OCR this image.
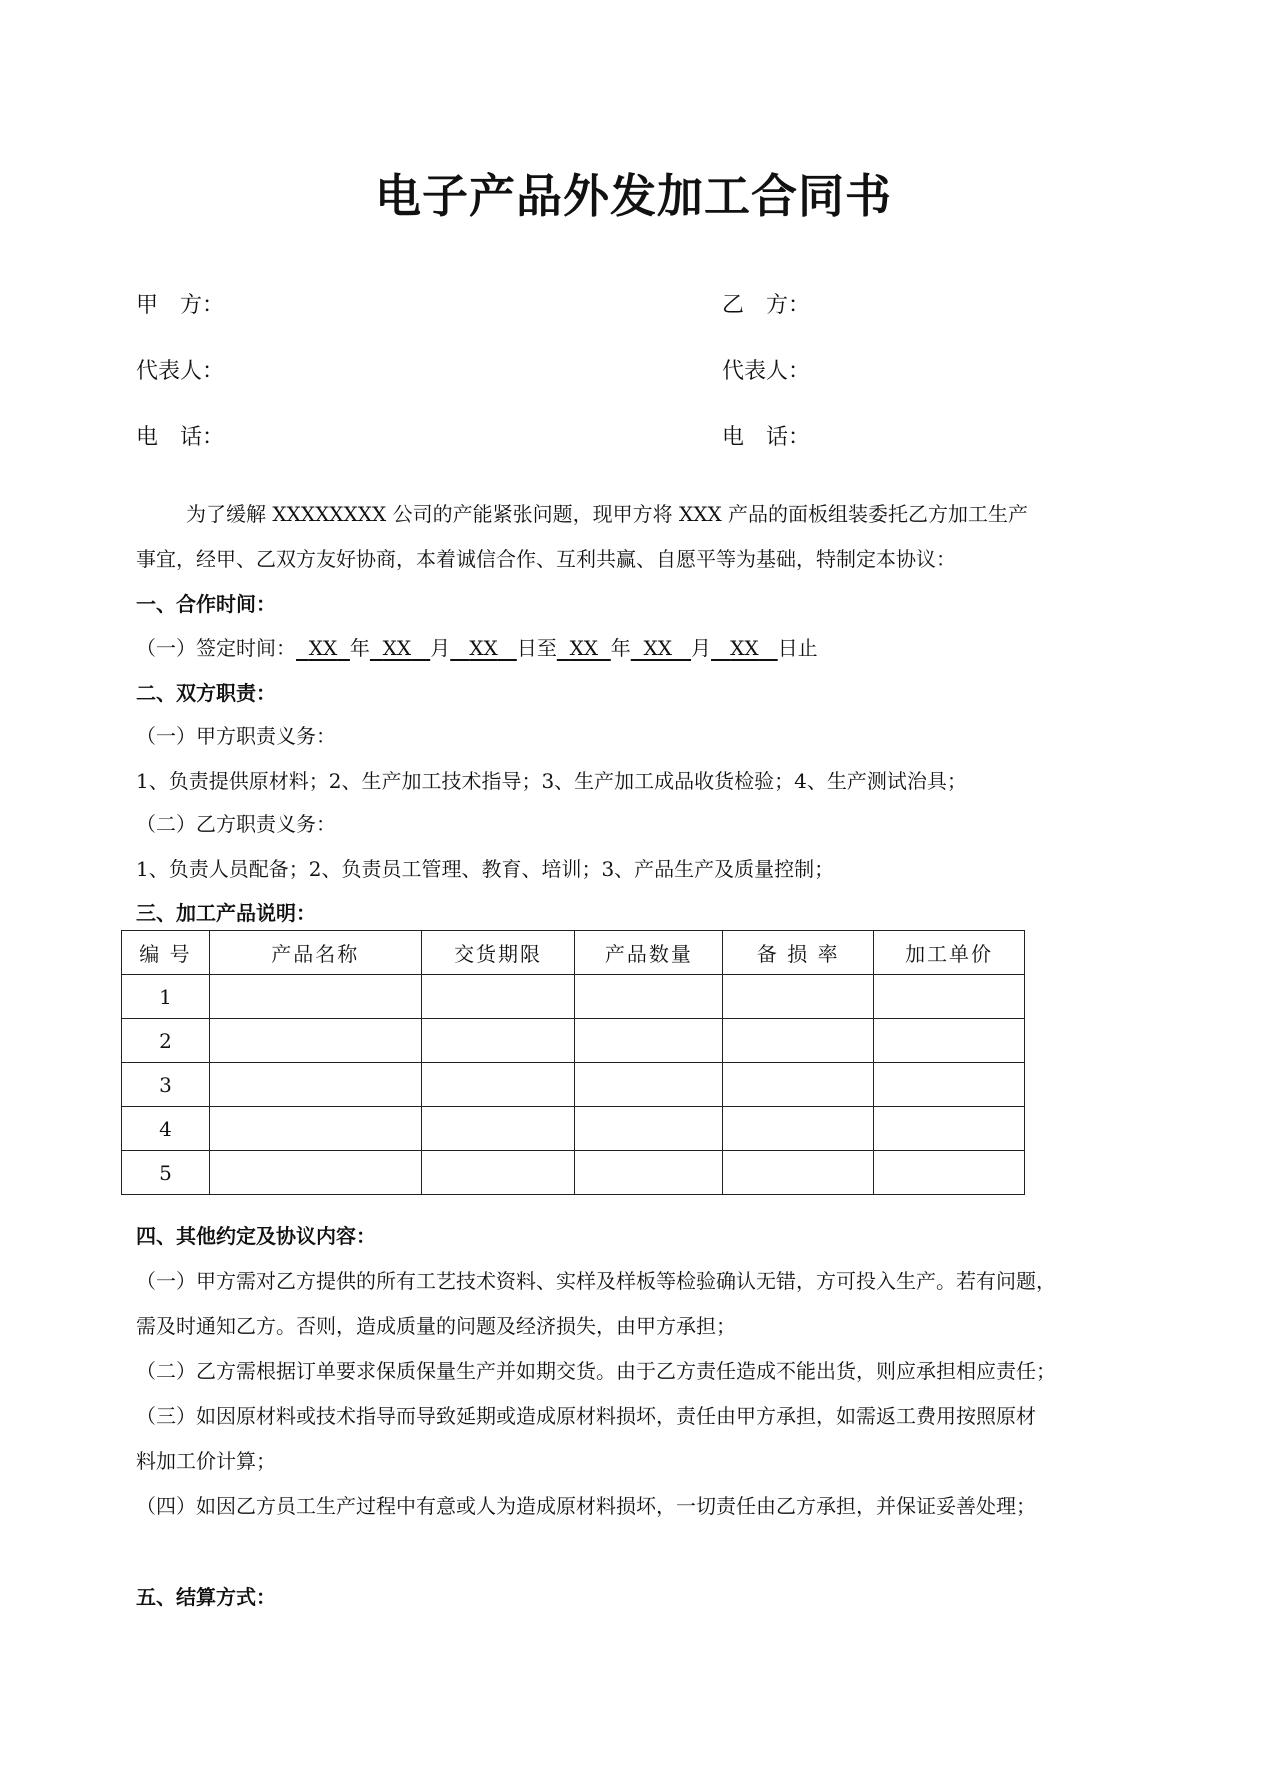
电子产品外发加工合同书
甲　方：	乙　方：
代表人：	代表人：
电　话：	电　话：
为了缓解 XXXXXXXX 公司的产能紧张问题，现甲方将 XXX 产品的面板组装委托乙方加工生产
事宜，经甲、乙双方友好协商，本着诚信合作、互利共赢、自愿平等为基础，特制定本协议：
一、合作时间：
（一）签定时间： XX 年 XX 月 XX 日至 XX 年 XX 月 XX 日止
二、双方职责：
（一）甲方职责义务：
1、负责提供原材料；2、生产加工技术指导；3、生产加工成品收货检验；4、生产测试治具；
（二）乙方职责义务：
1、负责人员配备；2、负责员工管理、教育、培训；3、产品生产及质量控制；
三、加工产品说明：
编 号	产品名称	交货期限	产品数量	备 损 率	加工单价
1					
2					
3					
4					
5					
四、其他约定及协议内容：
（一）甲方需对乙方提供的所有工艺技术资料、实样及样板等检验确认无错，方可投入生产。若有问题，
需及时通知乙方。否则，造成质量的问题及经济损失，由甲方承担；
（二）乙方需根据订单要求保质保量生产并如期交货。由于乙方责任造成不能出货，则应承担相应责任；
（三）如因原材料或技术指导而导致延期或造成原材料损坏，责任由甲方承担，如需返工费用按照原材
料加工价计算；
（四）如因乙方员工生产过程中有意或人为造成原材料损坏，一切责任由乙方承担，并保证妥善处理；
五、结算方式：
